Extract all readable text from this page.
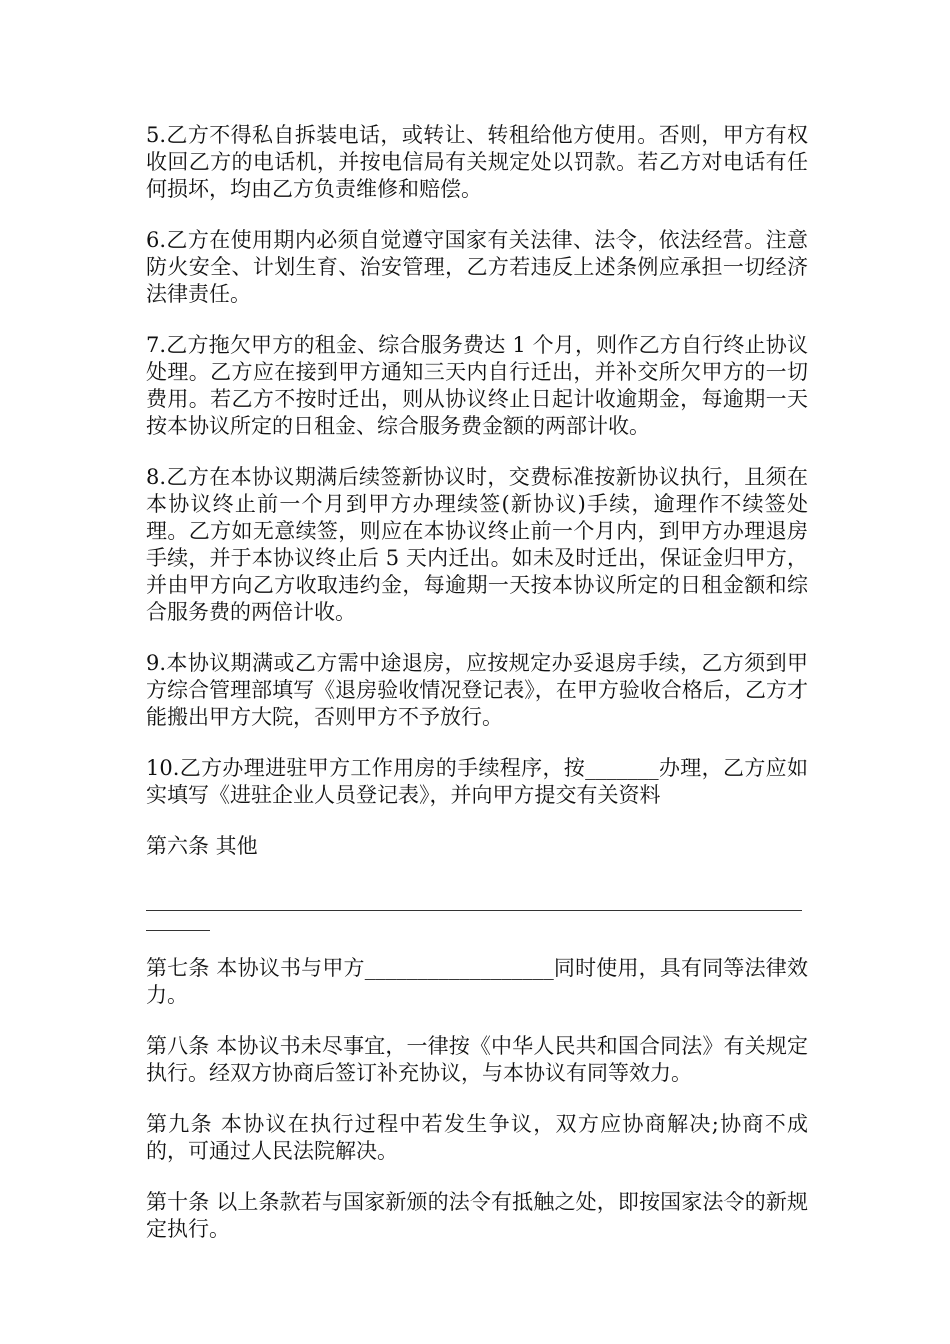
5.乙方不得私自拆装电话，或转让、转租给他方使用。否则，甲方有权收回乙方的电话机，并按电信局有关规定处以罚款。若乙方对电话有任何损坏，均由乙方负责维修和赔偿。

6.乙方在使用期内必须自觉遵守国家有关法律、法令，依法经营。注意防火安全、计划生育、治安管理，乙方若违反上述条例应承担一切经济法律责任。

7.乙方拖欠甲方的租金、综合服务费达 1 个月，则作乙方自行终止协议处理。乙方应在接到甲方通知三天内自行迁出，并补交所欠甲方的一切费用。若乙方不按时迁出，则从协议终止日起计收逾期金，每逾期一天按本协议所定的日租金、综合服务费金额的两部计收。

8.乙方在本协议期满后续签新协议时，交费标准按新协议执行，且须在本协议终止前一个月到甲方办理续签(新协议)手续，逾理作不续签处理。乙方如无意续签，则应在本协议终止前一个月内，到甲方办理退房手续，并于本协议终止后 5 天内迁出。如未及时迁出，保证金归甲方，并由甲方向乙方收取违约金，每逾期一天按本协议所定的日租金额和综合服务费的两倍计收。

9.本协议期满或乙方需中途退房，应按规定办妥退房手续，乙方须到甲方综合管理部填写《退房验收情况登记表》，在甲方验收合格后，乙方才能搬出甲方大院，否则甲方不予放行。

10.乙方办理进驻甲方工作用房的手续程序，按_______办理，乙方应如实填写《进驻企业人员登记表》，并向甲方提交有关资料

第六条 其他

第七条 本协议书与甲方__________________同时使用，具有同等法律效力。

第八条 本协议书未尽事宜，一律按《中华人民共和国合同法》有关规定执行。经双方协商后签订补充协议，与本协议有同等效力。

第九条 本协议在执行过程中若发生争议，双方应协商解决;协商不成的，可通过人民法院解决。

第十条 以上条款若与国家新颁的法令有抵触之处，即按国家法令的新规定执行。
